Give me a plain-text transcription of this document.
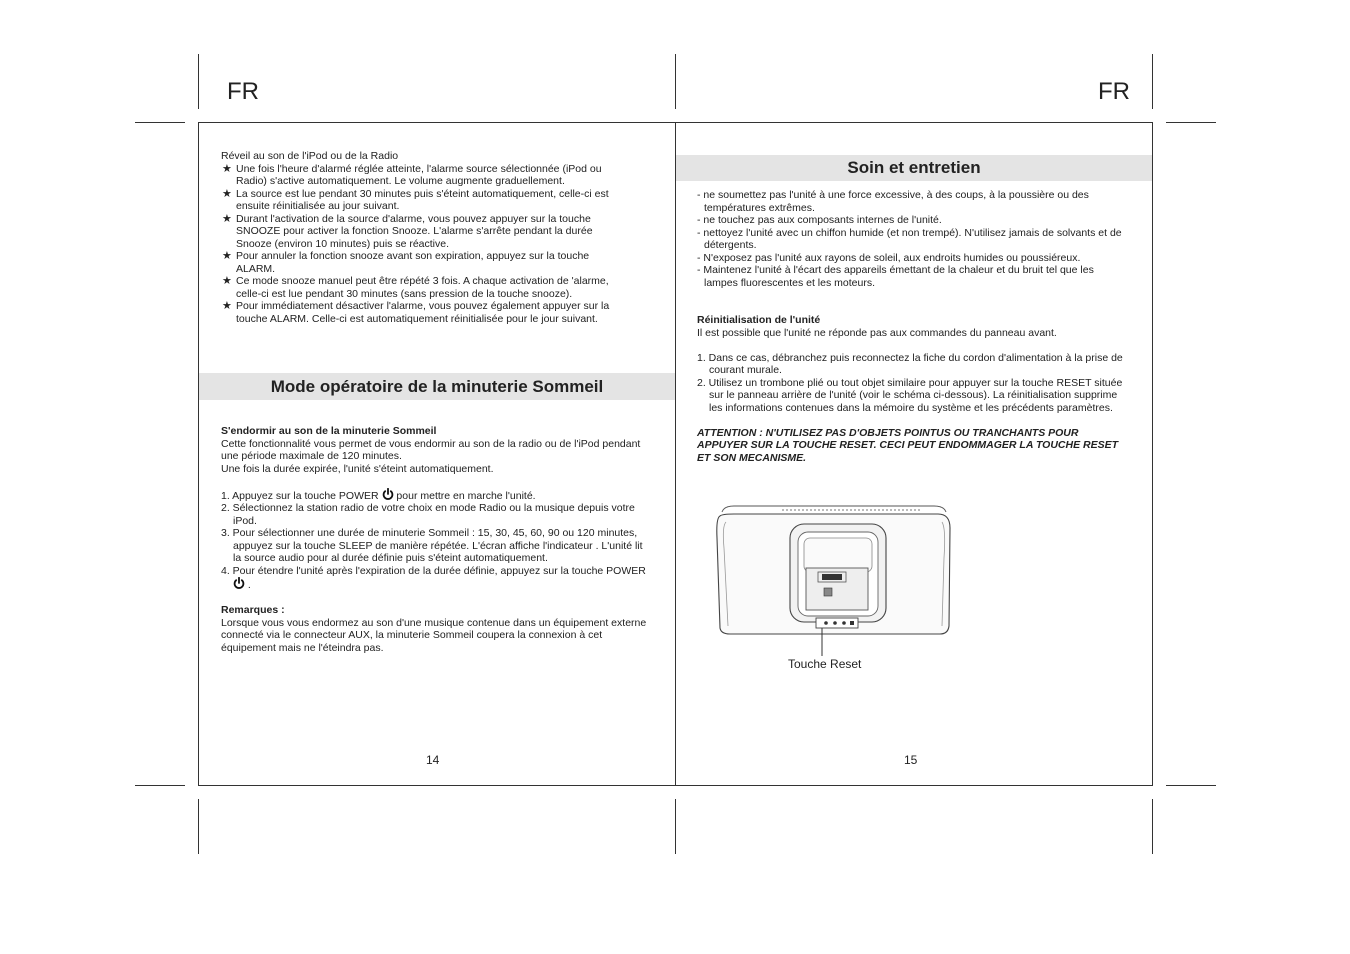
FR	FR

Réveil au son de l'iPod ou de la Radio

★ Une fois l'heure d'alarmé réglée atteinte, l'alarme source sélectionnée (iPod ou Radio) s'active automatiquement. Le volume augmente graduellement.
★ La source est lue pendant 30 minutes puis s'éteint automatiquement, celle-ci est ensuite réinitialisée au jour suivant.
★ Durant l'activation de la source d'alarme, vous pouvez appuyer sur la touche SNOOZE pour activer la fonction Snooze. L'alarme s'arrête pendant la durée Snooze (environ 10 minutes) puis se réactive.
★ Pour annuler la fonction snooze avant son expiration, appuyez sur la touche ALARM.
★ Ce mode snooze manuel peut être répété 3 fois. A chaque activation de 'alarme, celle-ci est lue pendant 30 minutes (sans pression de la touche snooze).
★ Pour immédiatement désactiver l'alarme, vous pouvez également appuyer sur la touche ALARM. Celle-ci est automatiquement réinitialisée pour le jour suivant.
Mode opératoire de la minuterie Sommeil

S'endormir au son de la minuterie Sommeil

Cette fonctionnalité vous permet de vous endormir au son de la radio ou de l'iPod pendant une période maximale de 120 minutes.

Une fois la durée expirée, l'unité s'éteint automatiquement.

1. Appuyez sur la touche POWER pour mettre en marche l'unité.
2. Sélectionnez la station radio de votre choix en mode Radio ou la musique depuis votre iPod.
3. Pour sélectionner une durée de minuterie Sommeil : 15, 30, 45, 60, 90 ou 120 minutes, appuyez sur la touche SLEEP de manière répétée. L'écran affiche l'indicateur . L'unité lit la source audio pour al durée définie puis s'éteint automatiquement.
4. Pour étendre l'unité après l'expiration de la durée définie, appuyez sur la touche POWER  .

Remarques :

Lorsque vous vous endormez au son d'une musique contenue dans un équipement externe connecté via le connecteur AUX, la minuterie Sommeil coupera la connexion à cet équipement mais ne l'éteindra pas.

14
Soin et entretien
- ne soumettez pas l'unité à une force excessive, à des coups, à la poussière ou des températures extrêmes.
- ne touchez pas aux composants internes de l'unité.
- nettoyez l'unité avec un chiffon humide (et non trempé). N'utilisez jamais de solvants et de détergents.
- N'exposez pas l'unité aux rayons de soleil, aux endroits humides ou poussiéreux.
- Maintenez l'unité à l'écart des appareils émettant de la chaleur et du bruit tel que les lampes fluorescentes et les moteurs.

Réinitialisation de l'unité

Il est possible que l'unité ne réponde pas aux commandes du panneau avant.

1. Dans ce cas, débranchez puis reconnectez la fiche du cordon d'alimentation à la prise de courant murale.
2. Utilisez un trombone plié ou tout objet similaire pour appuyer sur la touche RESET située sur le panneau arrière de l'unité (voir le schéma ci-dessous). La réinitialisation supprime les informations contenues dans la mémoire du système et les précédents paramètres.

ATTENTION : N'UTILISEZ PAS D'OBJETS POINTUS OU TRANCHANTS POUR APPUYER SUR LA TOUCHE RESET. CECI PEUT ENDOMMAGER LA TOUCHE RESET ET SON MECANISME.

Touche Reset
15
